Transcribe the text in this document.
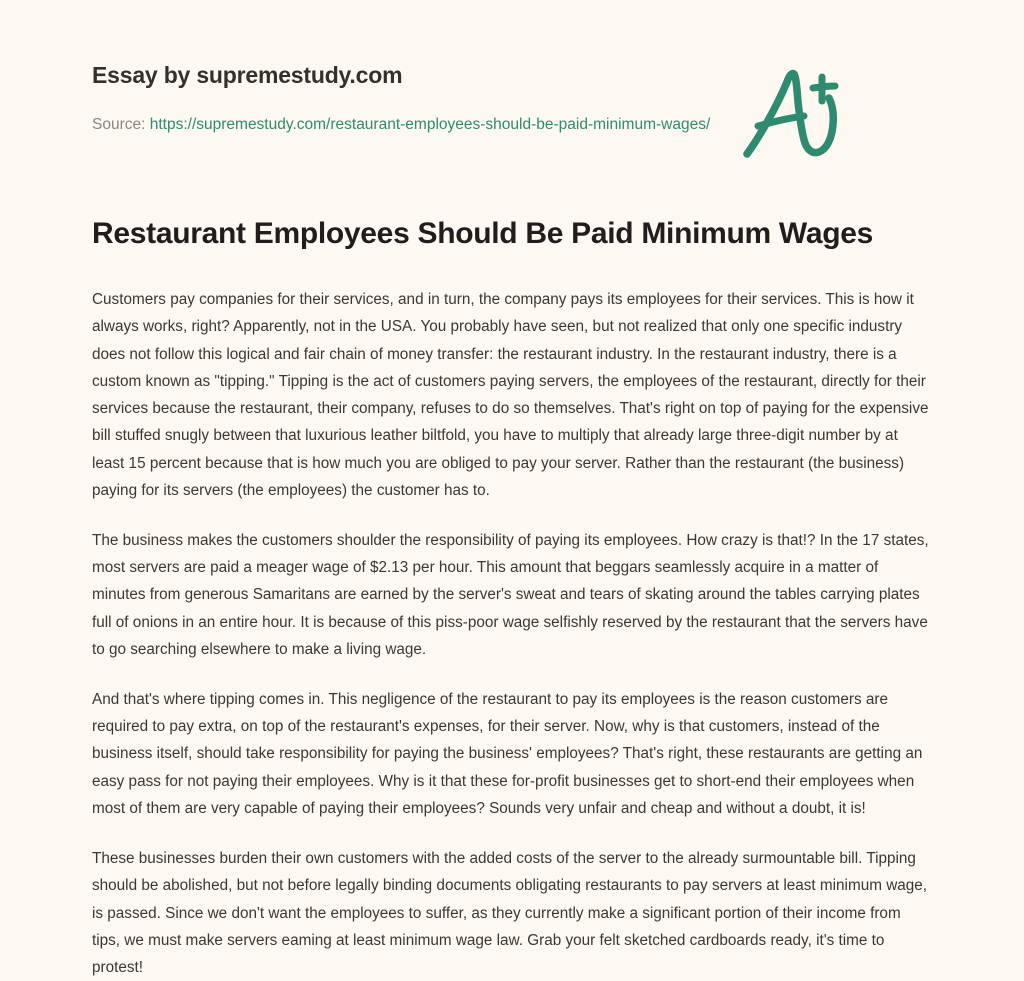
Essay by supremestudy.com

Source: https://supremestudy.com/restaurant-employees-should-be-paid-minimum-wages/

Restaurant Employees Should Be Paid Minimum Wages

Customers pay companies for their services, and in turn, the company pays its employees for their services. This is how it always works, right? Apparently, not in the USA. You probably have seen, but not realized that only one specific industry does not follow this logical and fair chain of money transfer: the restaurant industry. In the restaurant industry, there is a custom known as "tipping." Tipping is the act of customers paying servers, the employees of the restaurant, directly for their services because the restaurant, their company, refuses to do so themselves. That's right on top of paying for the expensive bill stuffed snugly between that luxurious leather biltfold, you have to multiply that already large three-digit number by at least 15 percent because that is how much you are obliged to pay your server. Rather than the restaurant (the business) paying for its servers (the employees) the customer has to.

The business makes the customers shoulder the responsibility of paying its employees. How crazy is that!? In the 17 states, most servers are paid a meager wage of $2.13 per hour. This amount that beggars seamlessly acquire in a matter of minutes from generous Samaritans are earned by the server's sweat and tears of skating around the tables carrying plates full of onions in an entire hour. It is because of this piss-poor wage selfishly reserved by the restaurant that the servers have to go searching elsewhere to make a living wage.

And that's where tipping comes in. This negligence of the restaurant to pay its employees is the reason customers are required to pay extra, on top of the restaurant's expenses, for their server. Now, why is that customers, instead of the business itself, should take responsibility for paying the business' employees? That's right, these restaurants are getting an easy pass for not paying their employees. Why is it that these for-profit businesses get to short-end their employees when most of them are very capable of paying their employees? Sounds very unfair and cheap and without a doubt, it is!

These businesses burden their own customers with the added costs of the server to the already surmountable bill. Tipping should be abolished, but not before legally binding documents obligating restaurants to pay servers at least minimum wage, is passed. Since we don't want the employees to suffer, as they currently make a significant portion of their income from tips, we must make servers eaming at least minimum wage law. Grab your felt sketched cardboards ready, it's time to protest!
